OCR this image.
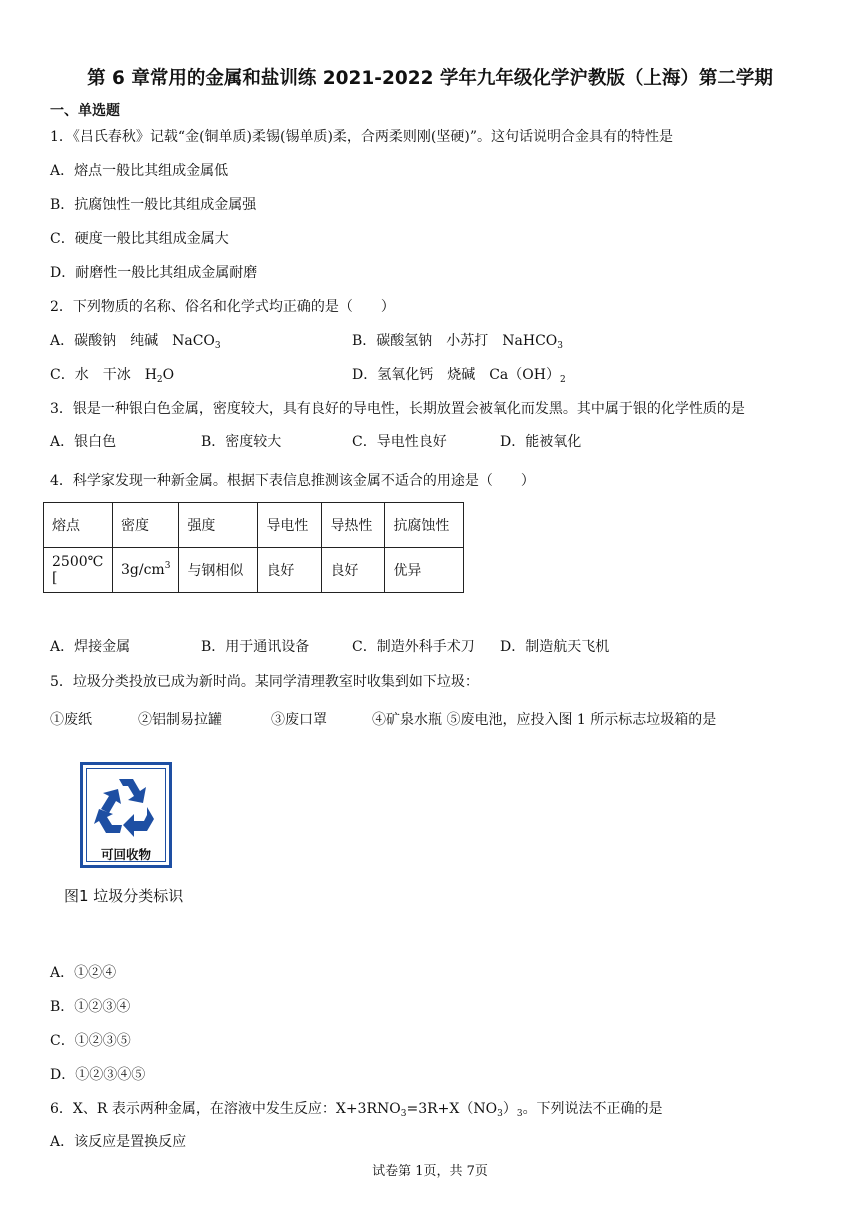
第 6 章常用的金属和盐训练 2021-2022 学年九年级化学沪教版（上海）第二学期
一、单选题
1．《吕氏春秋》记载“金(铜单质)柔锡(锡单质)柔，合两柔则刚(坚硬)”。这句话说明合金具有的特性是
A．熔点一般比其组成金属低
B．抗腐蚀性一般比其组成金属强
C．硬度一般比其组成金属大
D．耐磨性一般比其组成金属耐磨
2．下列物质的名称、俗名和化学式均正确的是（　　）
A．碳酸钠　纯碱　NaCO$_3$	B．碳酸氢钠　小苏打　NaHCO$_3$
C．水　干冰　$H_2O$	D．氢氧化钙　烧碱　$Ca(OH)_2$
3．银是一种银白色金属，密度较大，具有良好的导电性，长期放置会被氧化而发黑。其中属于银的化学性质的是
A．银白色	B．密度较大	C．导电性良好	D．能被氧化
4．科学家发现一种新金属。根据下表信息推测该金属不适合的用途是（　　）
熔点	密度	强度	导电性	导热性	抗腐蚀性
2500℃[	$3g/cm^3$	与钢相似	良好	良好	优异
A．焊接金属	B．用于通讯设备	C．制造外科手术刀 D．制造航天飞机
5．垃圾分类投放已成为新时尚。某同学清理教室时收集到如下垃圾：
①废纸	②铝制易拉罐	③废口罩	④矿泉水瓶 ⑤废电池，应投入图 1 所示标志垃圾箱的是
可回收物
图1 垃圾分类标识
A．①②④
B．①②③④
C．①②③⑤
D．①②③④⑤
6．X、R 表示两种金属，在溶液中发生反应：$X+3RNO_3=3R+X(NO_3)_3$。下列说法不正确的是
A．该反应是置换反应
试卷第 1页，共 7页
